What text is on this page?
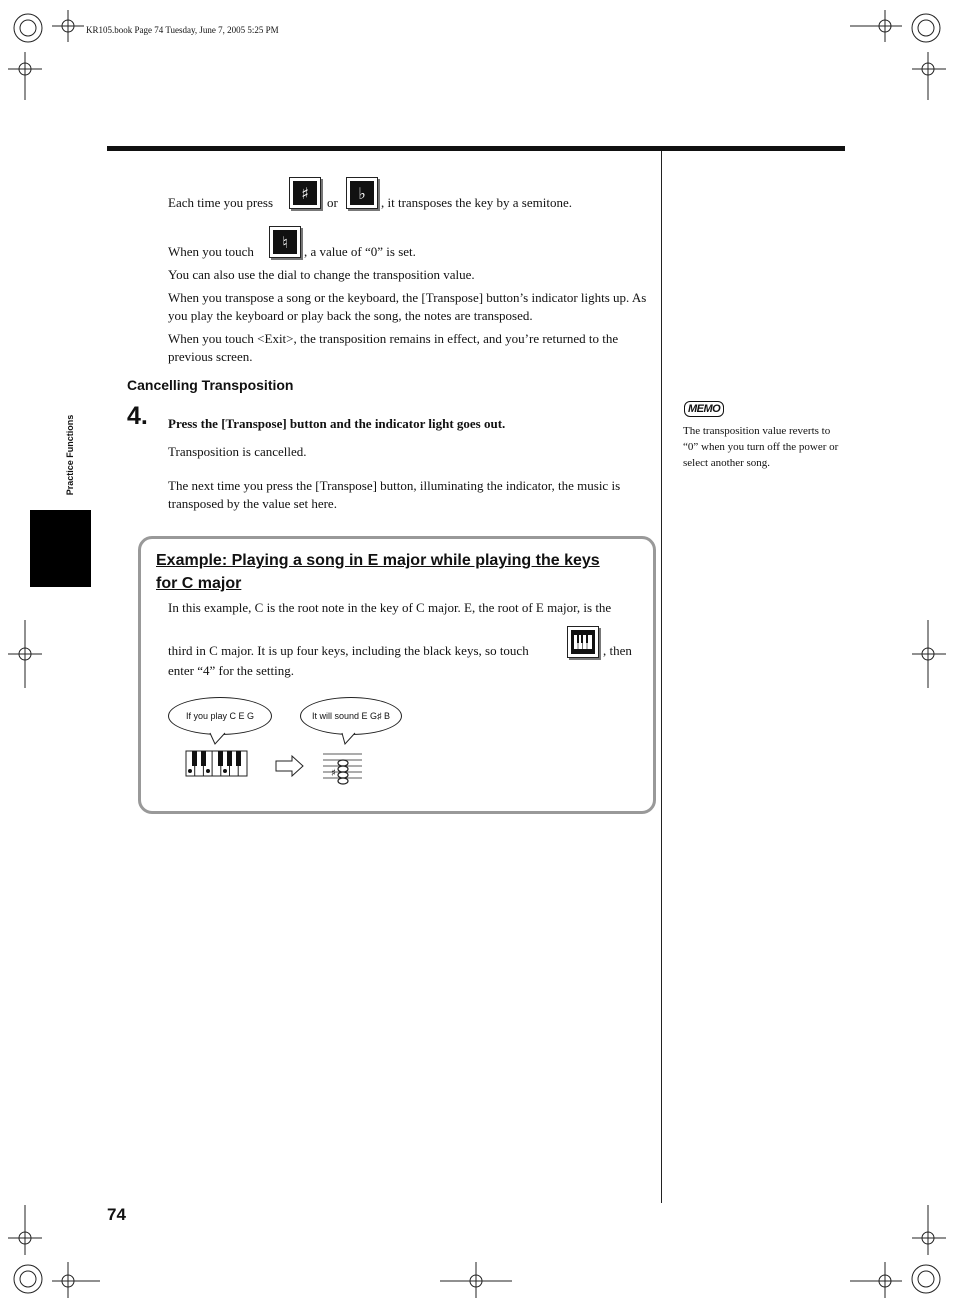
KR105.book Page 74 Tuesday, June 7, 2005 5:25 PM
Practice Functions
Each time you press	♯	or	♭	, it transposes the key by a semitone.
When you touch	♮	, a value of “0” is set.
You can also use the dial to change the transposition value.
When you transpose a song or the keyboard, the [Transpose] button’s indicator lights up. As you play the keyboard or play back the song, the notes are transposed.
When you touch <Exit>, the transposition remains in effect, and you’re returned to the previous screen.
Cancelling Transposition
4. Press the [Transpose] button and the indicator light goes out.
Transposition is cancelled.
The next time you press the [Transpose] button, illuminating the indicator, the music is transposed by the value set here.
MEMO
The transposition value reverts to “0” when you turn off the power or select another song.
Example: Playing a song in E major while playing the keys
for C major
In this example, C is the root note in the key of C major. E, the root of E major, is the
third in C major. It is up four keys, including the black keys, so touch	, then
enter “4” for the setting.
If you play C E G	It will sound E G♯ B
♯
74
